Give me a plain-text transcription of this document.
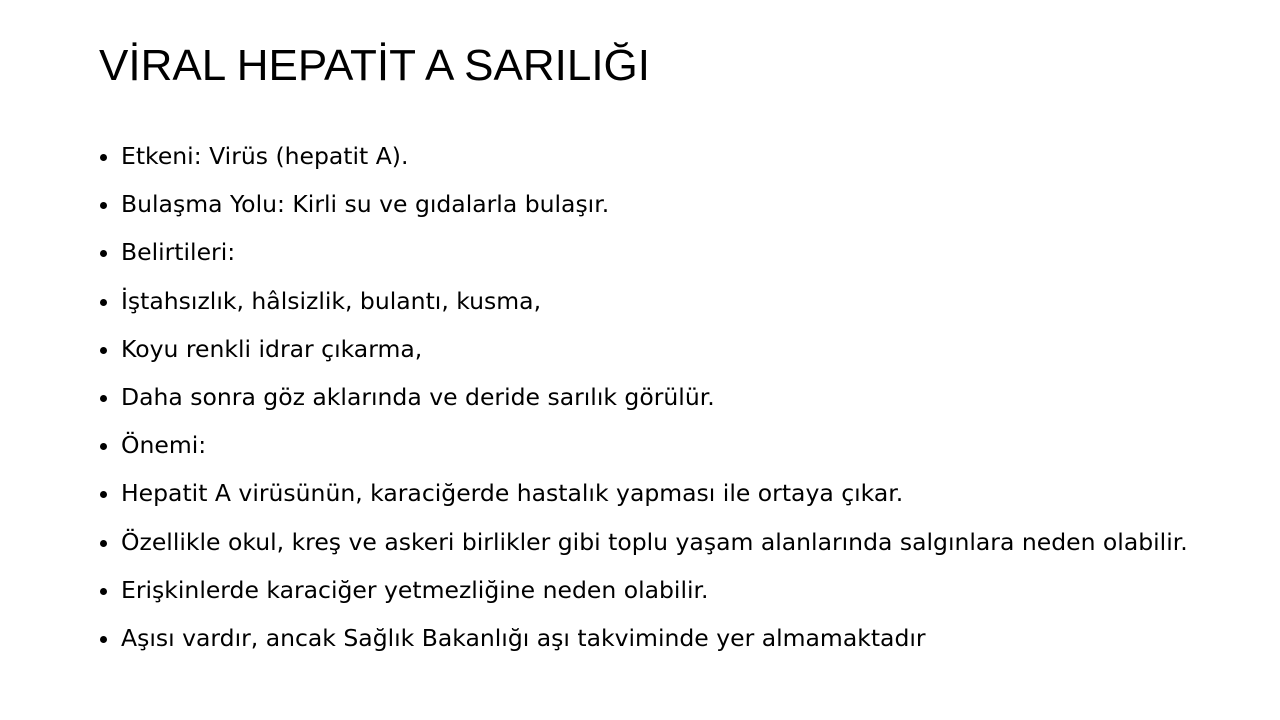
VİRAL HEPATİT A SARILIĞI
Etkeni: Virüs (hepatit A).
Bulaşma Yolu: Kirli su ve gıdalarla bulaşır.
Belirtileri:
İştahsızlık, hâlsizlik, bulantı, kusma,
Koyu renkli idrar çıkarma,
Daha sonra göz aklarında ve deride sarılık görülür.
Önemi:
Hepatit A virüsünün, karaciğerde hastalık yapması ile ortaya çıkar.
Özellikle okul, kreş ve askeri birlikler gibi toplu yaşam alanlarında salgınlara neden olabilir.
Erişkinlerde karaciğer yetmezliğine neden olabilir.
Aşısı vardır, ancak Sağlık Bakanlığı aşı takviminde yer almamaktadır
